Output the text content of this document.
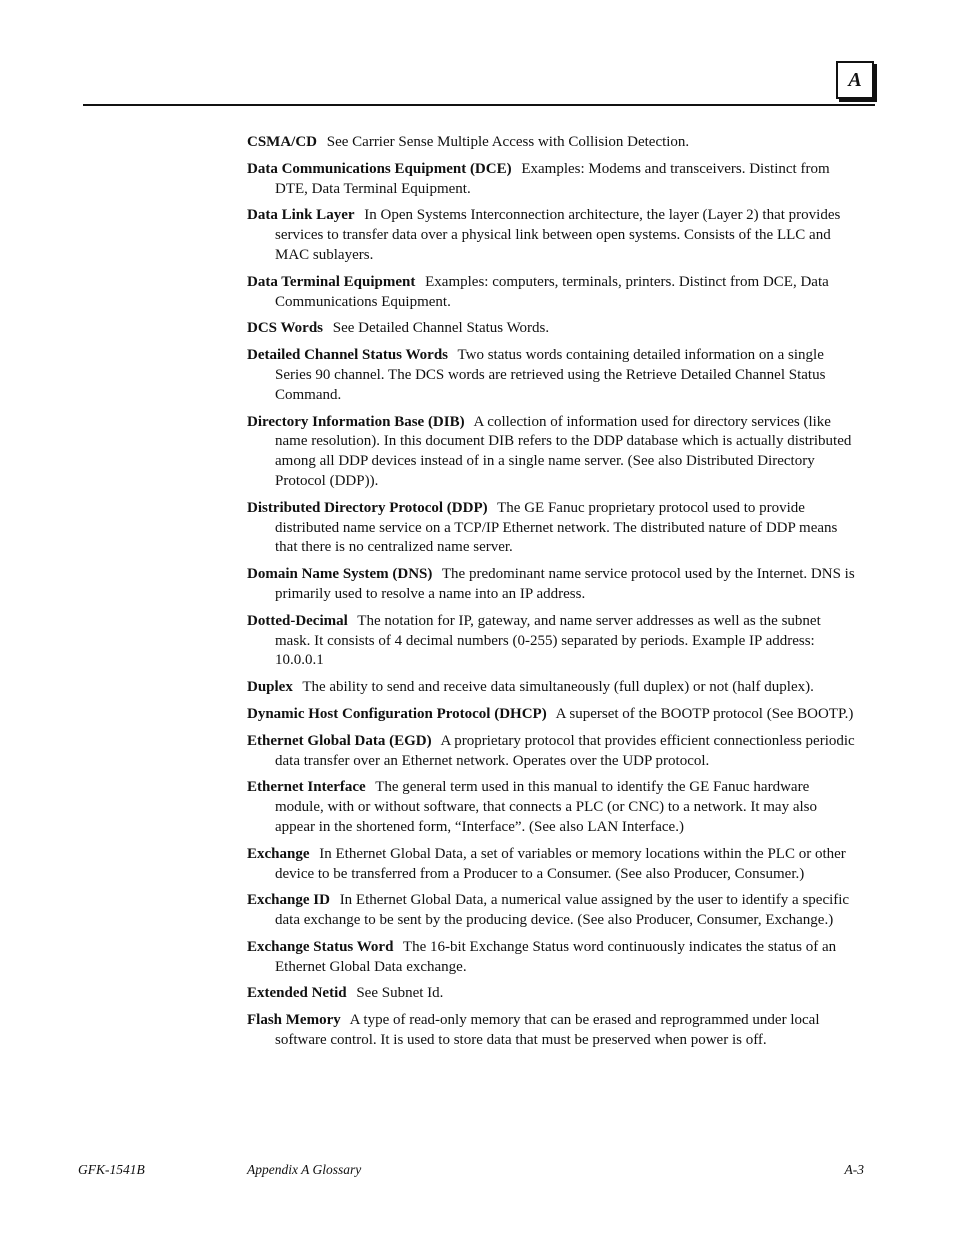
A

CSMA/CD See Carrier Sense Multiple Access with Collision Detection.

Data Communications Equipment (DCE) Examples: Modems and transceivers. Distinct from DTE, Data Terminal Equipment.

Data Link Layer In Open Systems Interconnection architecture, the layer (Layer 2) that provides services to transfer data over a physical link between open systems. Consists of the LLC and MAC sublayers.

Data Terminal Equipment Examples: computers, terminals, printers. Distinct from DCE, Data Communications Equipment.

DCS Words See Detailed Channel Status Words.

Detailed Channel Status Words Two status words containing detailed information on a single Series 90 channel. The DCS words are retrieved using the Retrieve Detailed Channel Status Command.

Directory Information Base (DIB) A collection of information used for directory services (like name resolution). In this document DIB refers to the DDP database which is actually distributed among all DDP devices instead of in a single name server. (See also Distributed Directory Protocol (DDP)).

Distributed Directory Protocol (DDP) The GE Fanuc proprietary protocol used to provide distributed name service on a TCP/IP Ethernet network. The distributed nature of DDP means that there is no centralized name server.

Domain Name System (DNS) The predominant name service protocol used by the Internet. DNS is primarily used to resolve a name into an IP address.

Dotted-Decimal The notation for IP, gateway, and name server addresses as well as the subnet mask. It consists of 4 decimal numbers (0-255) separated by periods. Example IP address: 10.0.0.1

Duplex The ability to send and receive data simultaneously (full duplex) or not (half duplex).

Dynamic Host Configuration Protocol (DHCP) A superset of the BOOTP protocol (See BOOTP.)

Ethernet Global Data (EGD) A proprietary protocol that provides efficient connectionless periodic data transfer over an Ethernet network. Operates over the UDP protocol.

Ethernet Interface The general term used in this manual to identify the GE Fanuc hardware module, with or without software, that connects a PLC (or CNC) to a network. It may also appear in the shortened form, “Interface”. (See also LAN Interface.)

Exchange In Ethernet Global Data, a set of variables or memory locations within the PLC or other device to be transferred from a Producer to a Consumer. (See also Producer, Consumer.)

Exchange ID In Ethernet Global Data, a numerical value assigned by the user to identify a specific data exchange to be sent by the producing device. (See also Producer, Consumer, Exchange.)

Exchange Status Word The 16-bit Exchange Status word continuously indicates the status of an Ethernet Global Data exchange.

Extended Netid See Subnet Id.

Flash Memory A type of read-only memory that can be erased and reprogrammed under local software control. It is used to store data that must be preserved when power is off.

GFK-1541B	Appendix A Glossary	A-3
